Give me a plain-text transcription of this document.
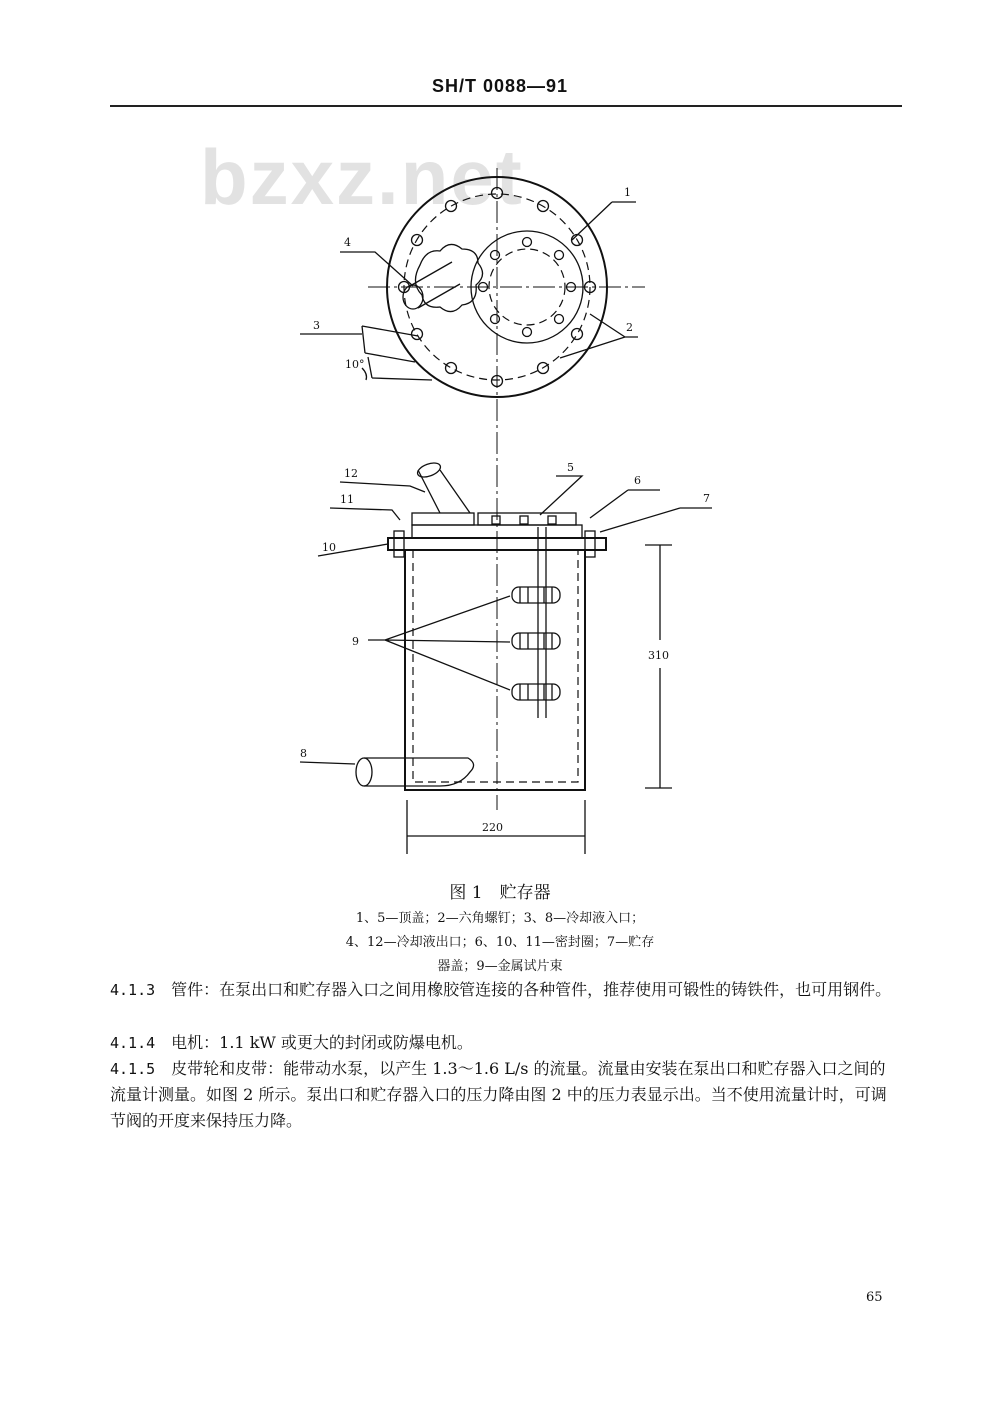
SH/T 0088—91
bzxz.net	1
2
3
4
10°
12
11
10
5
6
7
9
8
310
220
图 1　贮存器
1、5—顶盖；2—六角螺钉；3、8—冷却液入口；
4、12—冷却液出口；6、10、11—密封圈；7—贮存
器盖；9—金属试片束
4.1.3 管件：在泵出口和贮存器入口之间用橡胶管连接的各种管件，推荐使用可锻性的铸铁件，也可用钢件。
4.1.4 电机：1.1 kW 或更大的封闭或防爆电机。
4.1.5 皮带轮和皮带：能带动水泵，以产生 1.3～1.6 L/s 的流量。流量由安装在泵出口和贮存器入口之间的流量计测量。如图 2 所示。泵出口和贮存器入口的压力降由图 2 中的压力表显示出。当不使用流量计时，可调节阀的开度来保持压力降。
65
